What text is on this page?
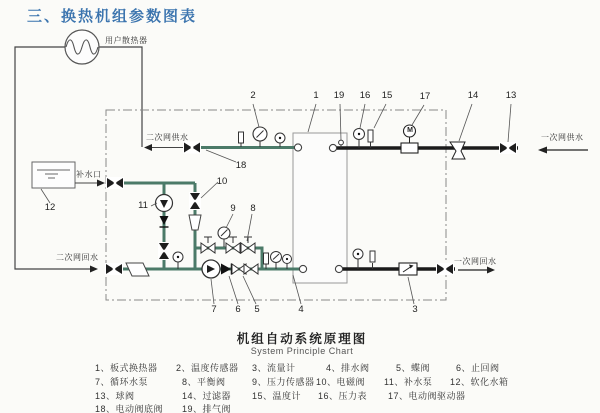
三、换热机组参数图表
用户散热器
二次网供水
补水口
二次网回水
一次网供水
一次网回水
M
2	1 19 16 15	17	14	13
18
12	11
10
9 8
7 6 5	4	3
机组自动系统原理图
System Principle Chart
1、板式换热器 2、温度传感器 3、流量计	4、排水阀	5、蝶阀	6、止回阀
7、循环水泵	8、平衡阀	9、压力传感器 10、电磁阀 11、补水泵 12、软化水箱
13、球阀	14、过滤器 15、温度计 16、压力表 17、电动阀驱动器
18、电动阀底阀 19、排气阀
